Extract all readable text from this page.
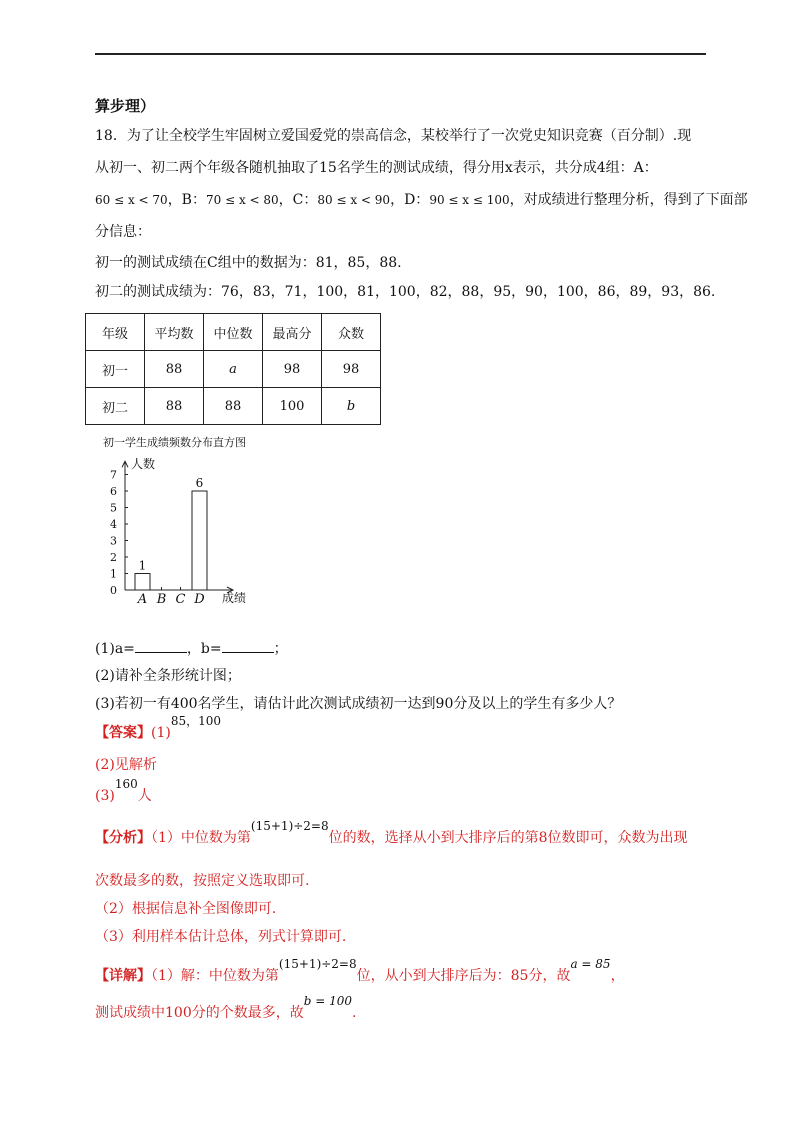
算步理）
18．为了让全校学生牢固树立爱国爱党的崇高信念，某校举行了一次党史知识竞赛（百分制）.现
从初一、初二两个年级各随机抽取了15名学生的测试成绩，得分用x表示，共分成4组：A：
60 ≤ x < 70，B：70 ≤ x < 80，C：80 ≤ x < 90，D：90 ≤ x ≤ 100，对成绩进行整理分析，得到了下面部
分信息：
初一的测试成绩在C组中的数据为：81，85，88.
初二的测试成绩为：76，83，71，100，81，100，82，88，95，90，100，86，89，93，86.
年级	平均数	中位数	最高分	众数
初一	88	a	98	98
初二	88	88	100	b
初一学生成绩频数分布直方图
人数
成绩
0
1
2
3
4
5
6
7
1
A B C
6
D
(1)a=	，b=	；
(2)请补全条形统计图；
(3)若初一有400名学生，请估计此次测试成绩初一达到90分及以上的学生有多少人？
【答案】(1)85，100
(2)见解析
(3)160人
【分析】（1）中位数为第(15+1)÷2=8位的数，选择从小到大排序后的第8位数即可，众数为出现
次数最多的数，按照定义选取即可.
（2）根据信息补全图像即可.
（3）利用样本估计总体，列式计算即可.
【详解】（1）解：中位数为第(15+1)÷2=8位，从小到大排序后为：85分，故a = 85，
测试成绩中100分的个数最多，故b = 100.
